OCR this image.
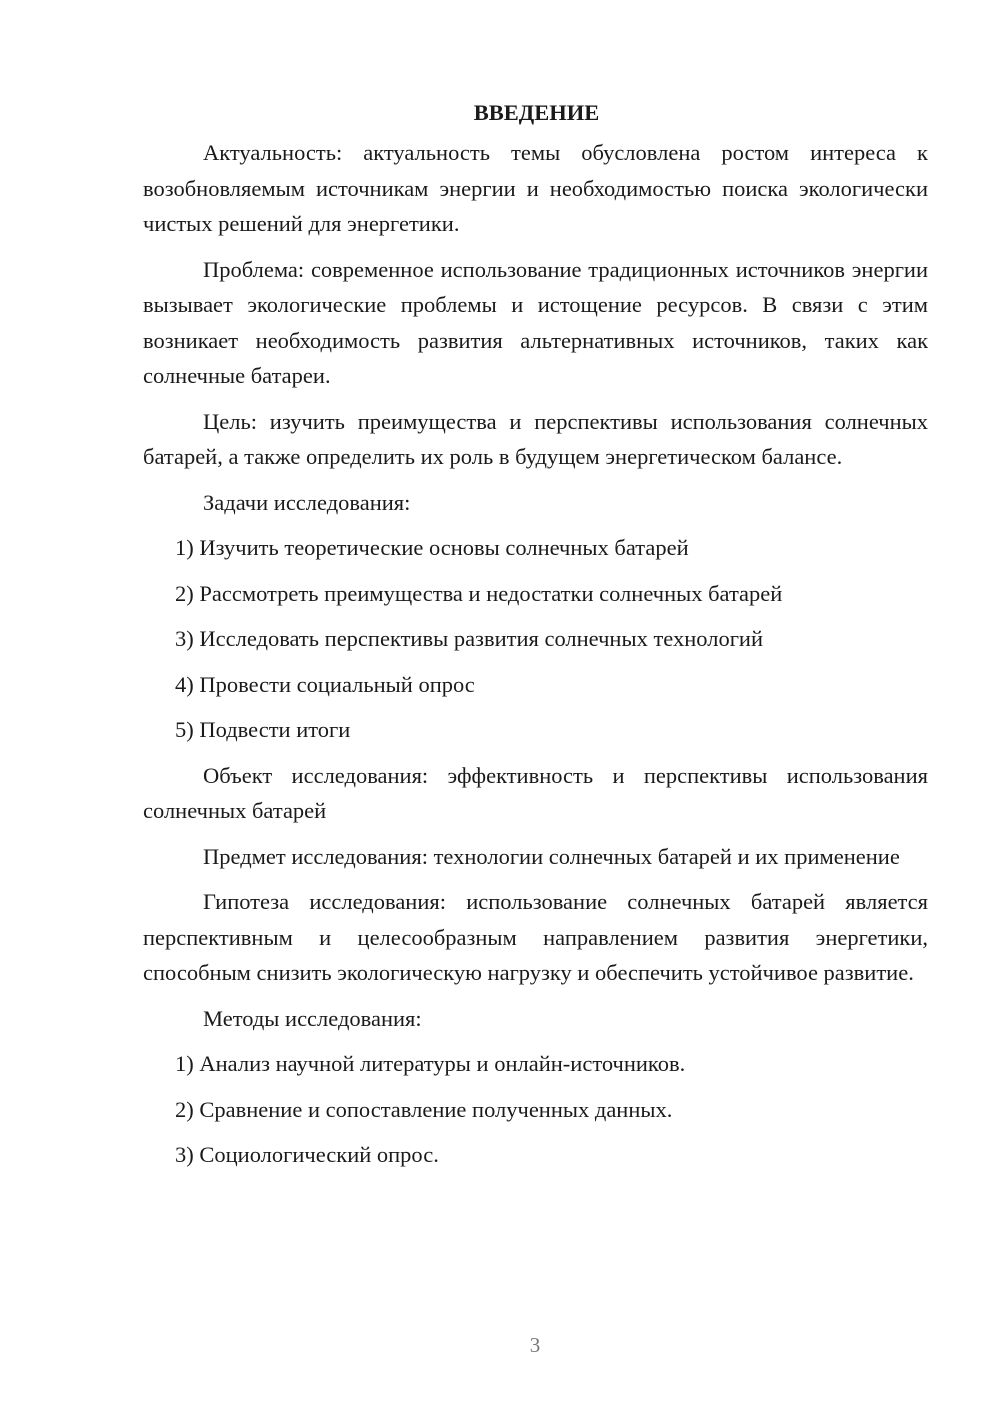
ВВЕДЕНИЕ

Актуальность: актуальность темы обусловлена ростом интереса к возобновляемым источникам энергии и необходимостью поиска экологически чистых решений для энергетики.

Проблема: современное использование традиционных источников энергии вызывает экологические проблемы и истощение ресурсов. В связи с этим возникает необходимость развития альтернативных источников, таких как солнечные батареи.

Цель: изучить преимущества и перспективы использования солнечных батарей, а также определить их роль в будущем энергетическом балансе.

Задачи исследования:

1) Изучить теоретические основы солнечных батарей

2) Рассмотреть преимущества и недостатки солнечных батарей

3) Исследовать перспективы развития солнечных технологий

4) Провести социальный опрос

5) Подвести итоги

Объект исследования: эффективность и перспективы использования солнечных батарей

Предмет исследования: технологии солнечных батарей и их применение

Гипотеза исследования: использование солнечных батарей является перспективным и целесообразным направлением развития энергетики, способным снизить экологическую нагрузку и обеспечить устойчивое развитие.

Методы исследования:

1) Анализ научной литературы и онлайн-источников.

2) Сравнение и сопоставление полученных данных.

3) Социологический опрос.

3
